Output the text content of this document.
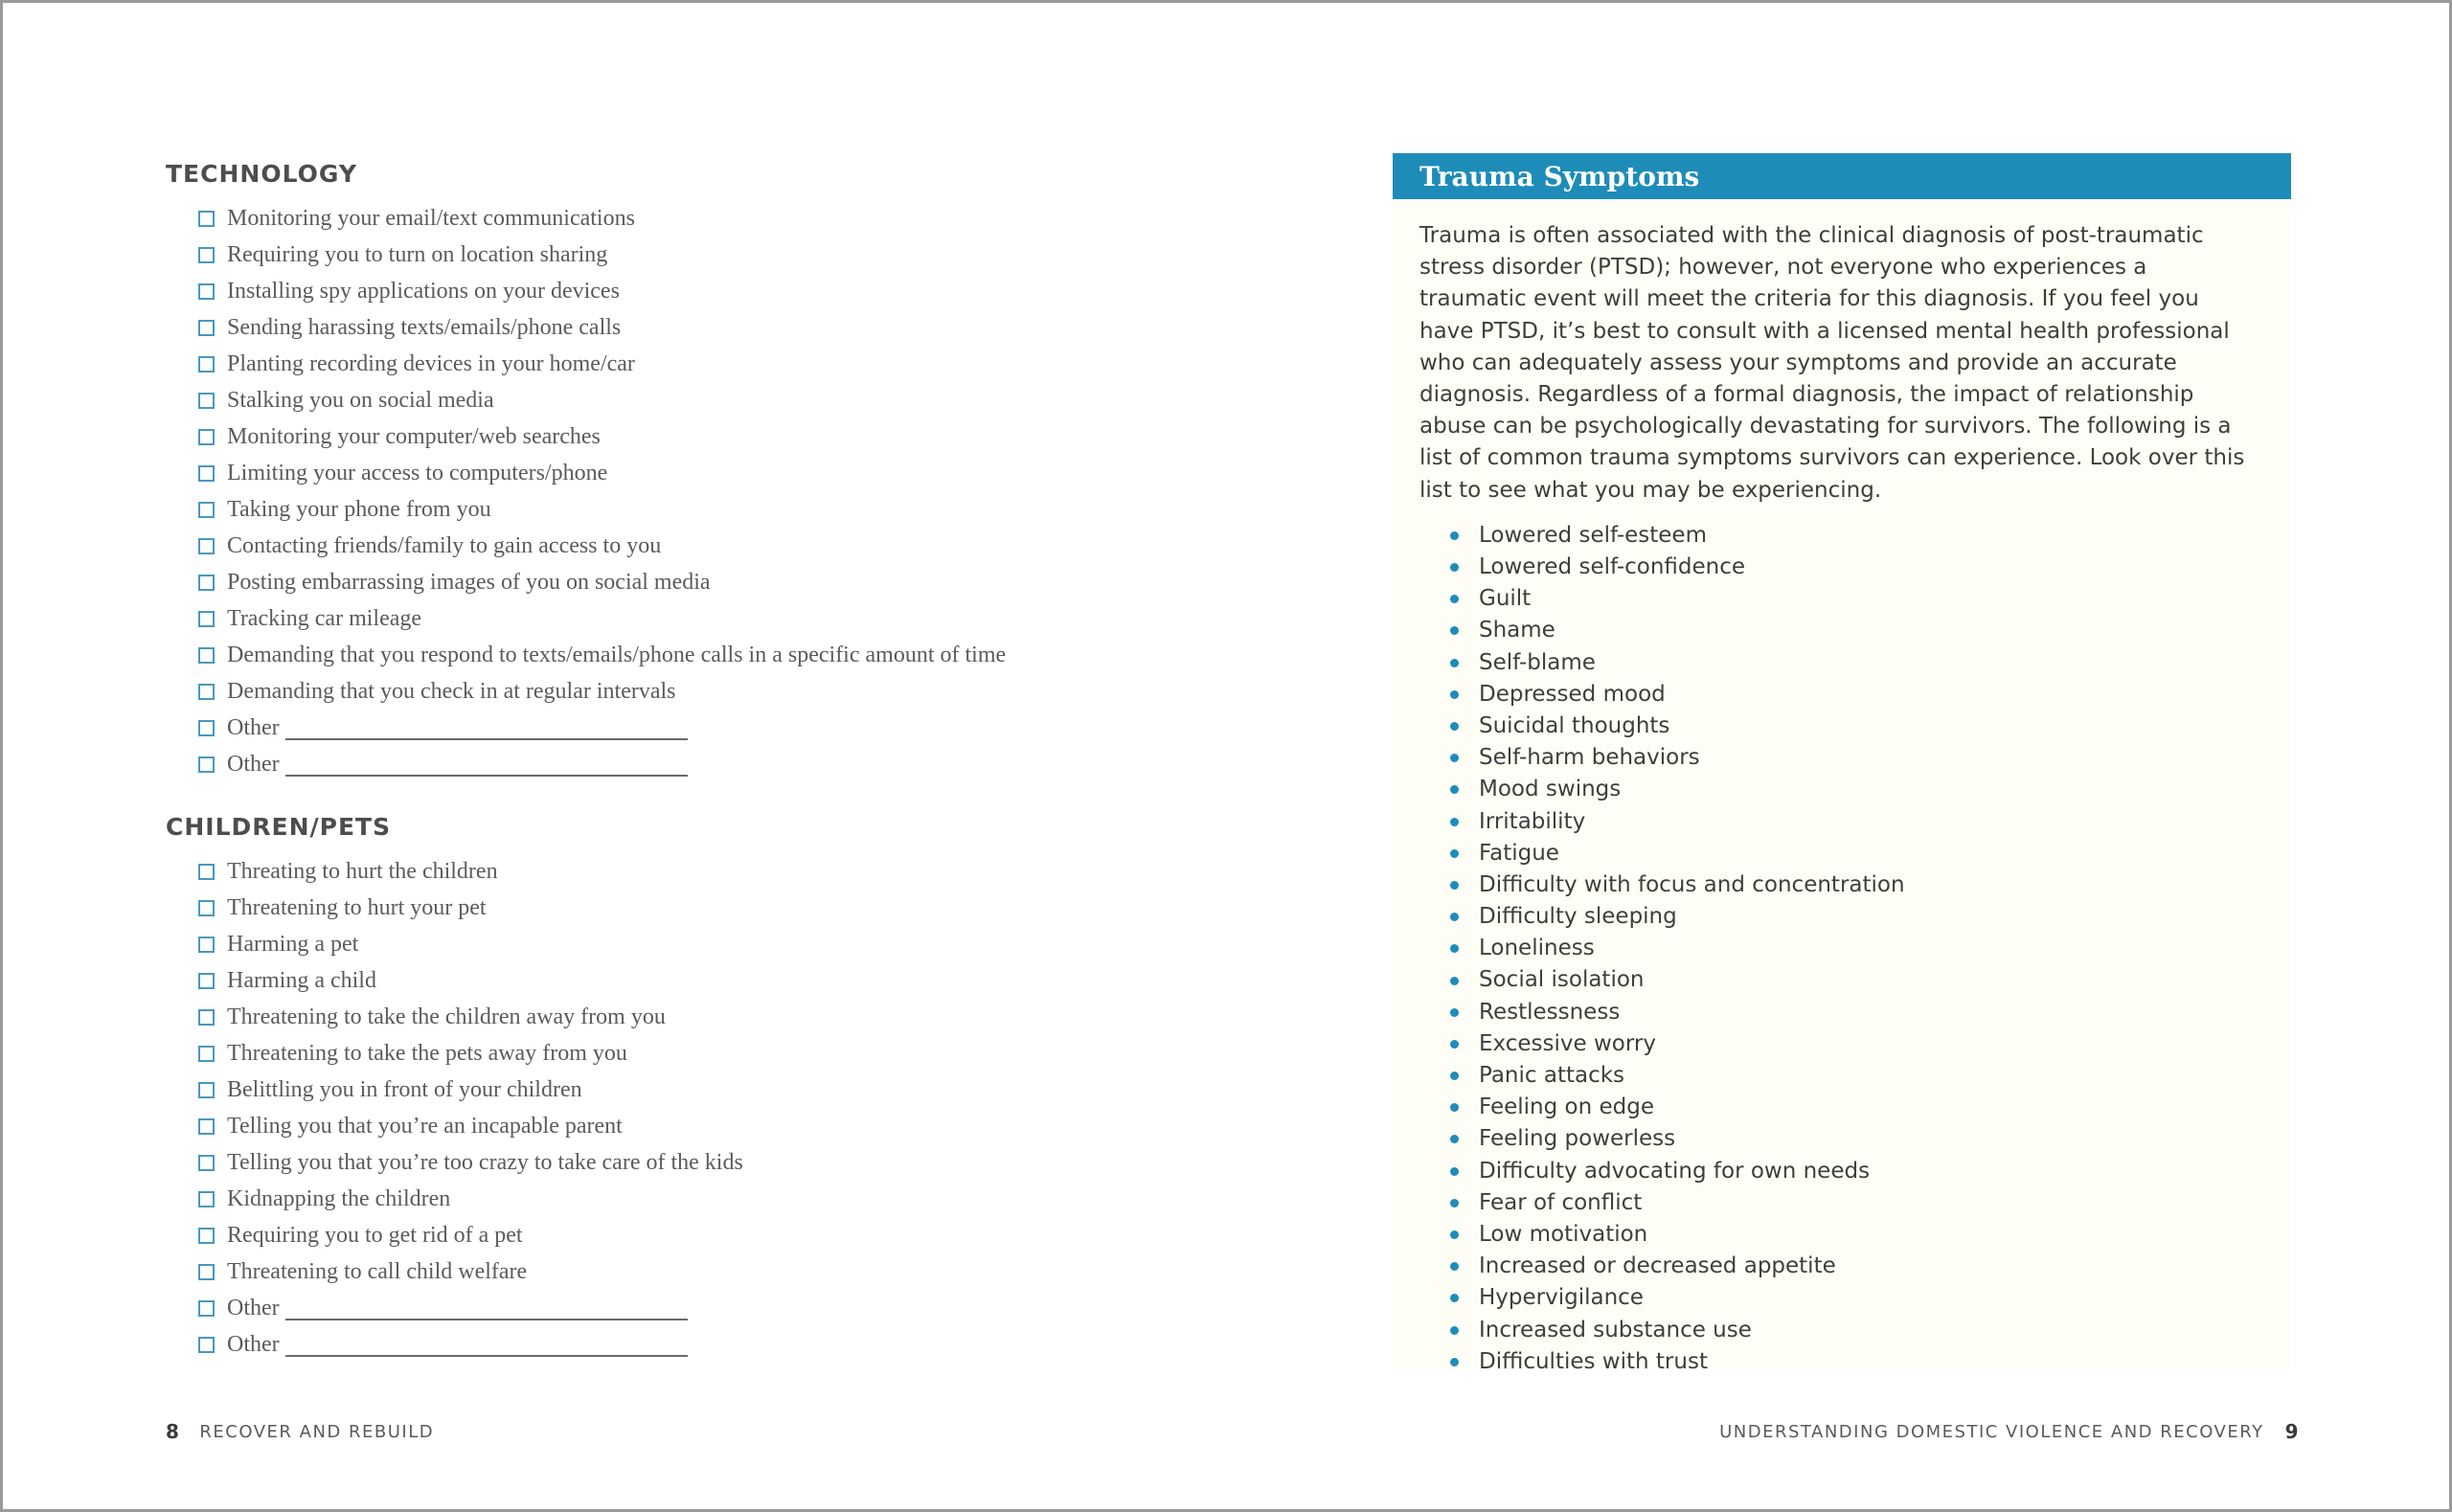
TECHNOLOGY
Monitoring your email/text communications
Requiring you to turn on location sharing
Installing spy applications on your devices
Sending harassing texts/emails/phone calls
Planting recording devices in your home/car
Stalking you on social media
Monitoring your computer/web searches
Limiting your access to computers/phone
Taking your phone from you
Contacting friends/family to gain access to you
Posting embarrassing images of you on social media
Tracking car mileage
Demanding that you respond to texts/emails/phone calls in a specific amount of time
Demanding that you check in at regular intervals
Other
Other
CHILDREN/PETS
Threating to hurt the children
Threatening to hurt your pet
Harming a pet
Harming a child
Threatening to take the children away from you
Threatening to take the pets away from you
Belittling you in front of your children
Telling you that you’re an incapable parent
Telling you that you’re too crazy to take care of the kids
Kidnapping the children
Requiring you to get rid of a pet
Threatening to call child welfare
Other
Other
Trauma Symptoms

Trauma is often associated with the clinical diagnosis of post-traumatic stress disorder (PTSD); however, not everyone who experiences a traumatic event will meet the criteria for this diagnosis. If you feel you have PTSD, it’s best to consult with a licensed mental health professional who can adequately assess your symptoms and provide an accurate diagnosis. Regardless of a formal diagnosis, the impact of relationship abuse can be psychologically devastating for survivors. The following is a list of common trauma symptoms survivors can experience. Look over this list to see what you may be experiencing.

Lowered self-esteem
Lowered self-confidence
Guilt
Shame
Self-blame
Depressed mood
Suicidal thoughts
Self-harm behaviors
Mood swings
Irritability
Fatigue
Difficulty with focus and concentration
Difficulty sleeping
Loneliness
Social isolation
Restlessness
Excessive worry
Panic attacks
Feeling on edge
Feeling powerless
Difficulty advocating for own needs
Fear of conflict
Low motivation
Increased or decreased appetite
Hypervigilance
Increased substance use
Difficulties with trust
8 RECOVER AND REBUILD	UNDERSTANDING DOMESTIC VIOLENCE AND RECOVERY 9
